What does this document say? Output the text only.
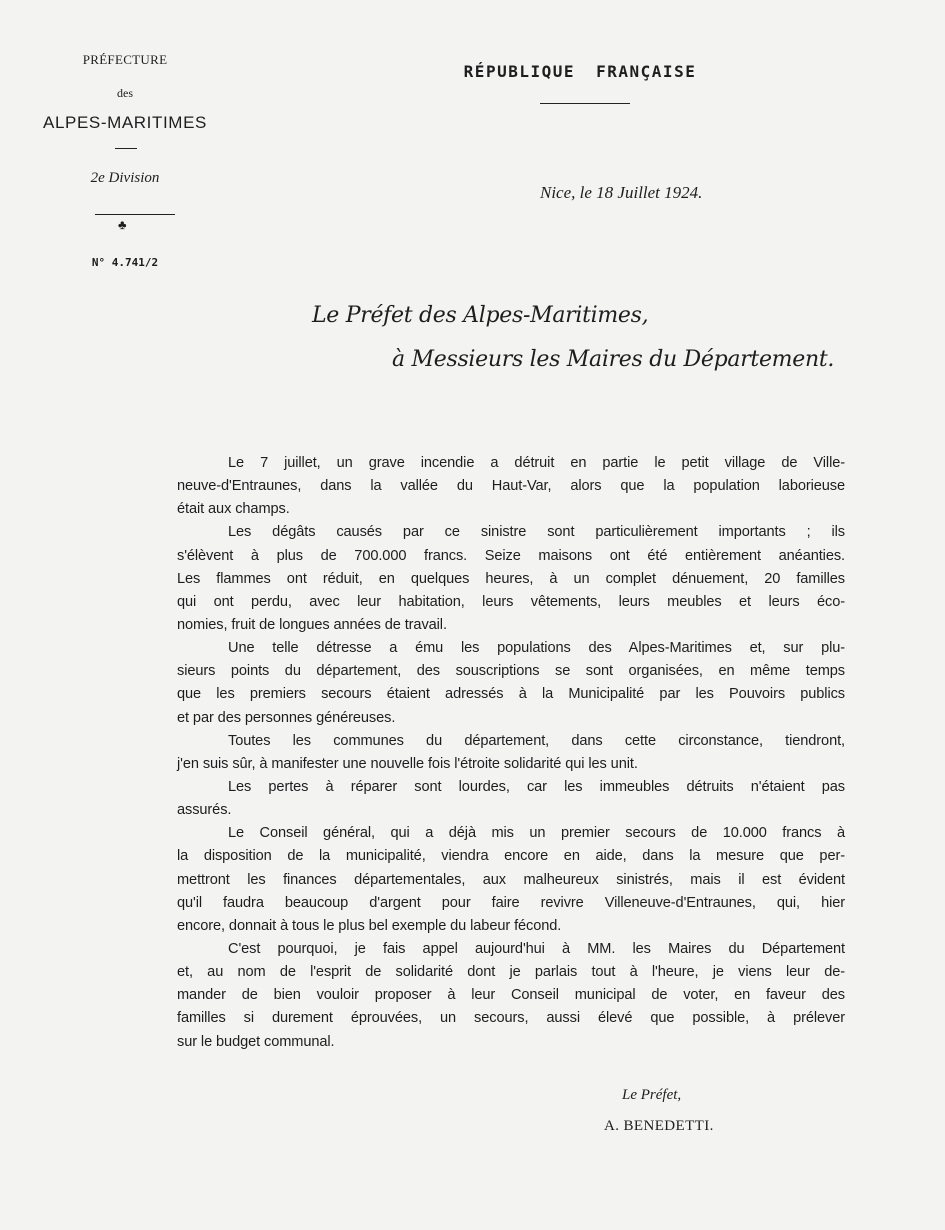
PRÉFECTURE
des
ALPES-MARITIMES
2e Division
♣
N° 4.741/2
RÉPUBLIQUE FRANÇAISE
Nice, le 18 Juillet 1924.
Le Préfet des Alpes-Maritimes,
à Messieurs les Maires du Département.
Le 7 juillet, un grave incendie a détruit en partie le petit village de Ville-
neuve-d'Entraunes, dans la vallée du Haut-Var, alors que la population laborieuse
était aux champs.
Les dégâts causés par ce sinistre sont particulièrement importants ; ils
s'élèvent à plus de 700.000 francs. Seize maisons ont été entièrement anéanties.
Les flammes ont réduit, en quelques heures, à un complet dénuement, 20 familles
qui ont perdu, avec leur habitation, leurs vêtements, leurs meubles et leurs éco-
nomies, fruit de longues années de travail.
Une telle détresse a ému les populations des Alpes-Maritimes et, sur plu-
sieurs points du département, des souscriptions se sont organisées, en même temps
que les premiers secours étaient adressés à la Municipalité par les Pouvoirs publics
et par des personnes généreuses.
Toutes les communes du département, dans cette circonstance, tiendront,
j'en suis sûr, à manifester une nouvelle fois l'étroite solidarité qui les unit.
Les pertes à réparer sont lourdes, car les immeubles détruits n'étaient pas
assurés.
Le Conseil général, qui a déjà mis un premier secours de 10.000 francs à
la disposition de la municipalité, viendra encore en aide, dans la mesure que per-
mettront les finances départementales, aux malheureux sinistrés, mais il est évident
qu'il faudra beaucoup d'argent pour faire revivre Villeneuve-d'Entraunes, qui, hier
encore, donnait à tous le plus bel exemple du labeur fécond.
C'est pourquoi, je fais appel aujourd'hui à MM. les Maires du Département
et, au nom de l'esprit de solidarité dont je parlais tout à l'heure, je viens leur de-
mander de bien vouloir proposer à leur Conseil municipal de voter, en faveur des
familles si durement éprouvées, un secours, aussi élevé que possible, à prélever
sur le budget communal.
Le Préfet,
A. BENEDETTI.
